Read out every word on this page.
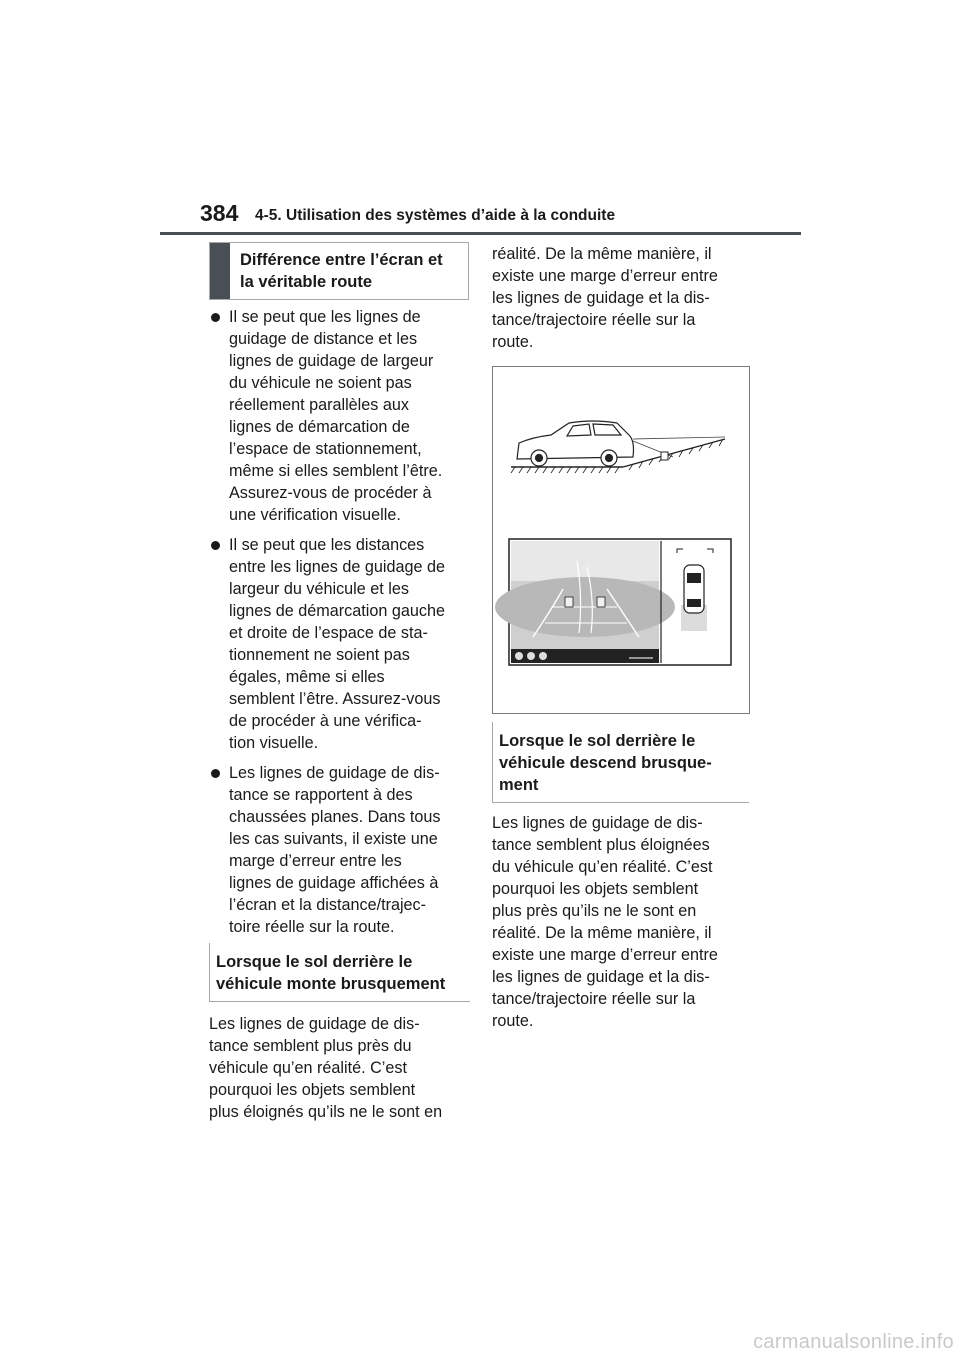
384 4-5. Utilisation des systèmes d’aide à la conduite
Différence entre l’écran et
la véritable route
Il se peut que les lignes de
guidage de distance et les
lignes de guidage de largeur
du véhicule ne soient pas
réellement parallèles aux
lignes de démarcation de
l’espace de stationnement,
même si elles semblent l’être.
Assurez-vous de procéder à
une vérification visuelle.
Il se peut que les distances
entre les lignes de guidage de
largeur du véhicule et les
lignes de démarcation gauche
et droite de l’espace de sta-
tionnement ne soient pas
égales, même si elles
semblent l’être. Assurez-vous
de procéder à une vérifica-
tion visuelle.
Les lignes de guidage de dis-
tance se rapportent à des
chaussées planes. Dans tous
les cas suivants, il existe une
marge d’erreur entre les
lignes de guidage affichées à
l’écran et la distance/trajec-
toire réelle sur la route.
Lorsque le sol derrière le
véhicule monte brusquement
Les lignes de guidage de dis-
tance semblent plus près du
véhicule qu’en réalité. C’est
pourquoi les objets semblent
plus éloignés qu’ils ne le sont en
réalité. De la même manière, il
existe une marge d’erreur entre
les lignes de guidage et la dis-
tance/trajectoire réelle sur la
route.
Lorsque le sol derrière le
véhicule descend brusque-
ment
Les lignes de guidage de dis-
tance semblent plus éloignées
du véhicule qu’en réalité. C’est
pourquoi les objets semblent
plus près qu’ils ne le sont en
réalité. De la même manière, il
existe une marge d’erreur entre
les lignes de guidage et la dis-
tance/trajectoire réelle sur la
route.
carmanualsonline.info
